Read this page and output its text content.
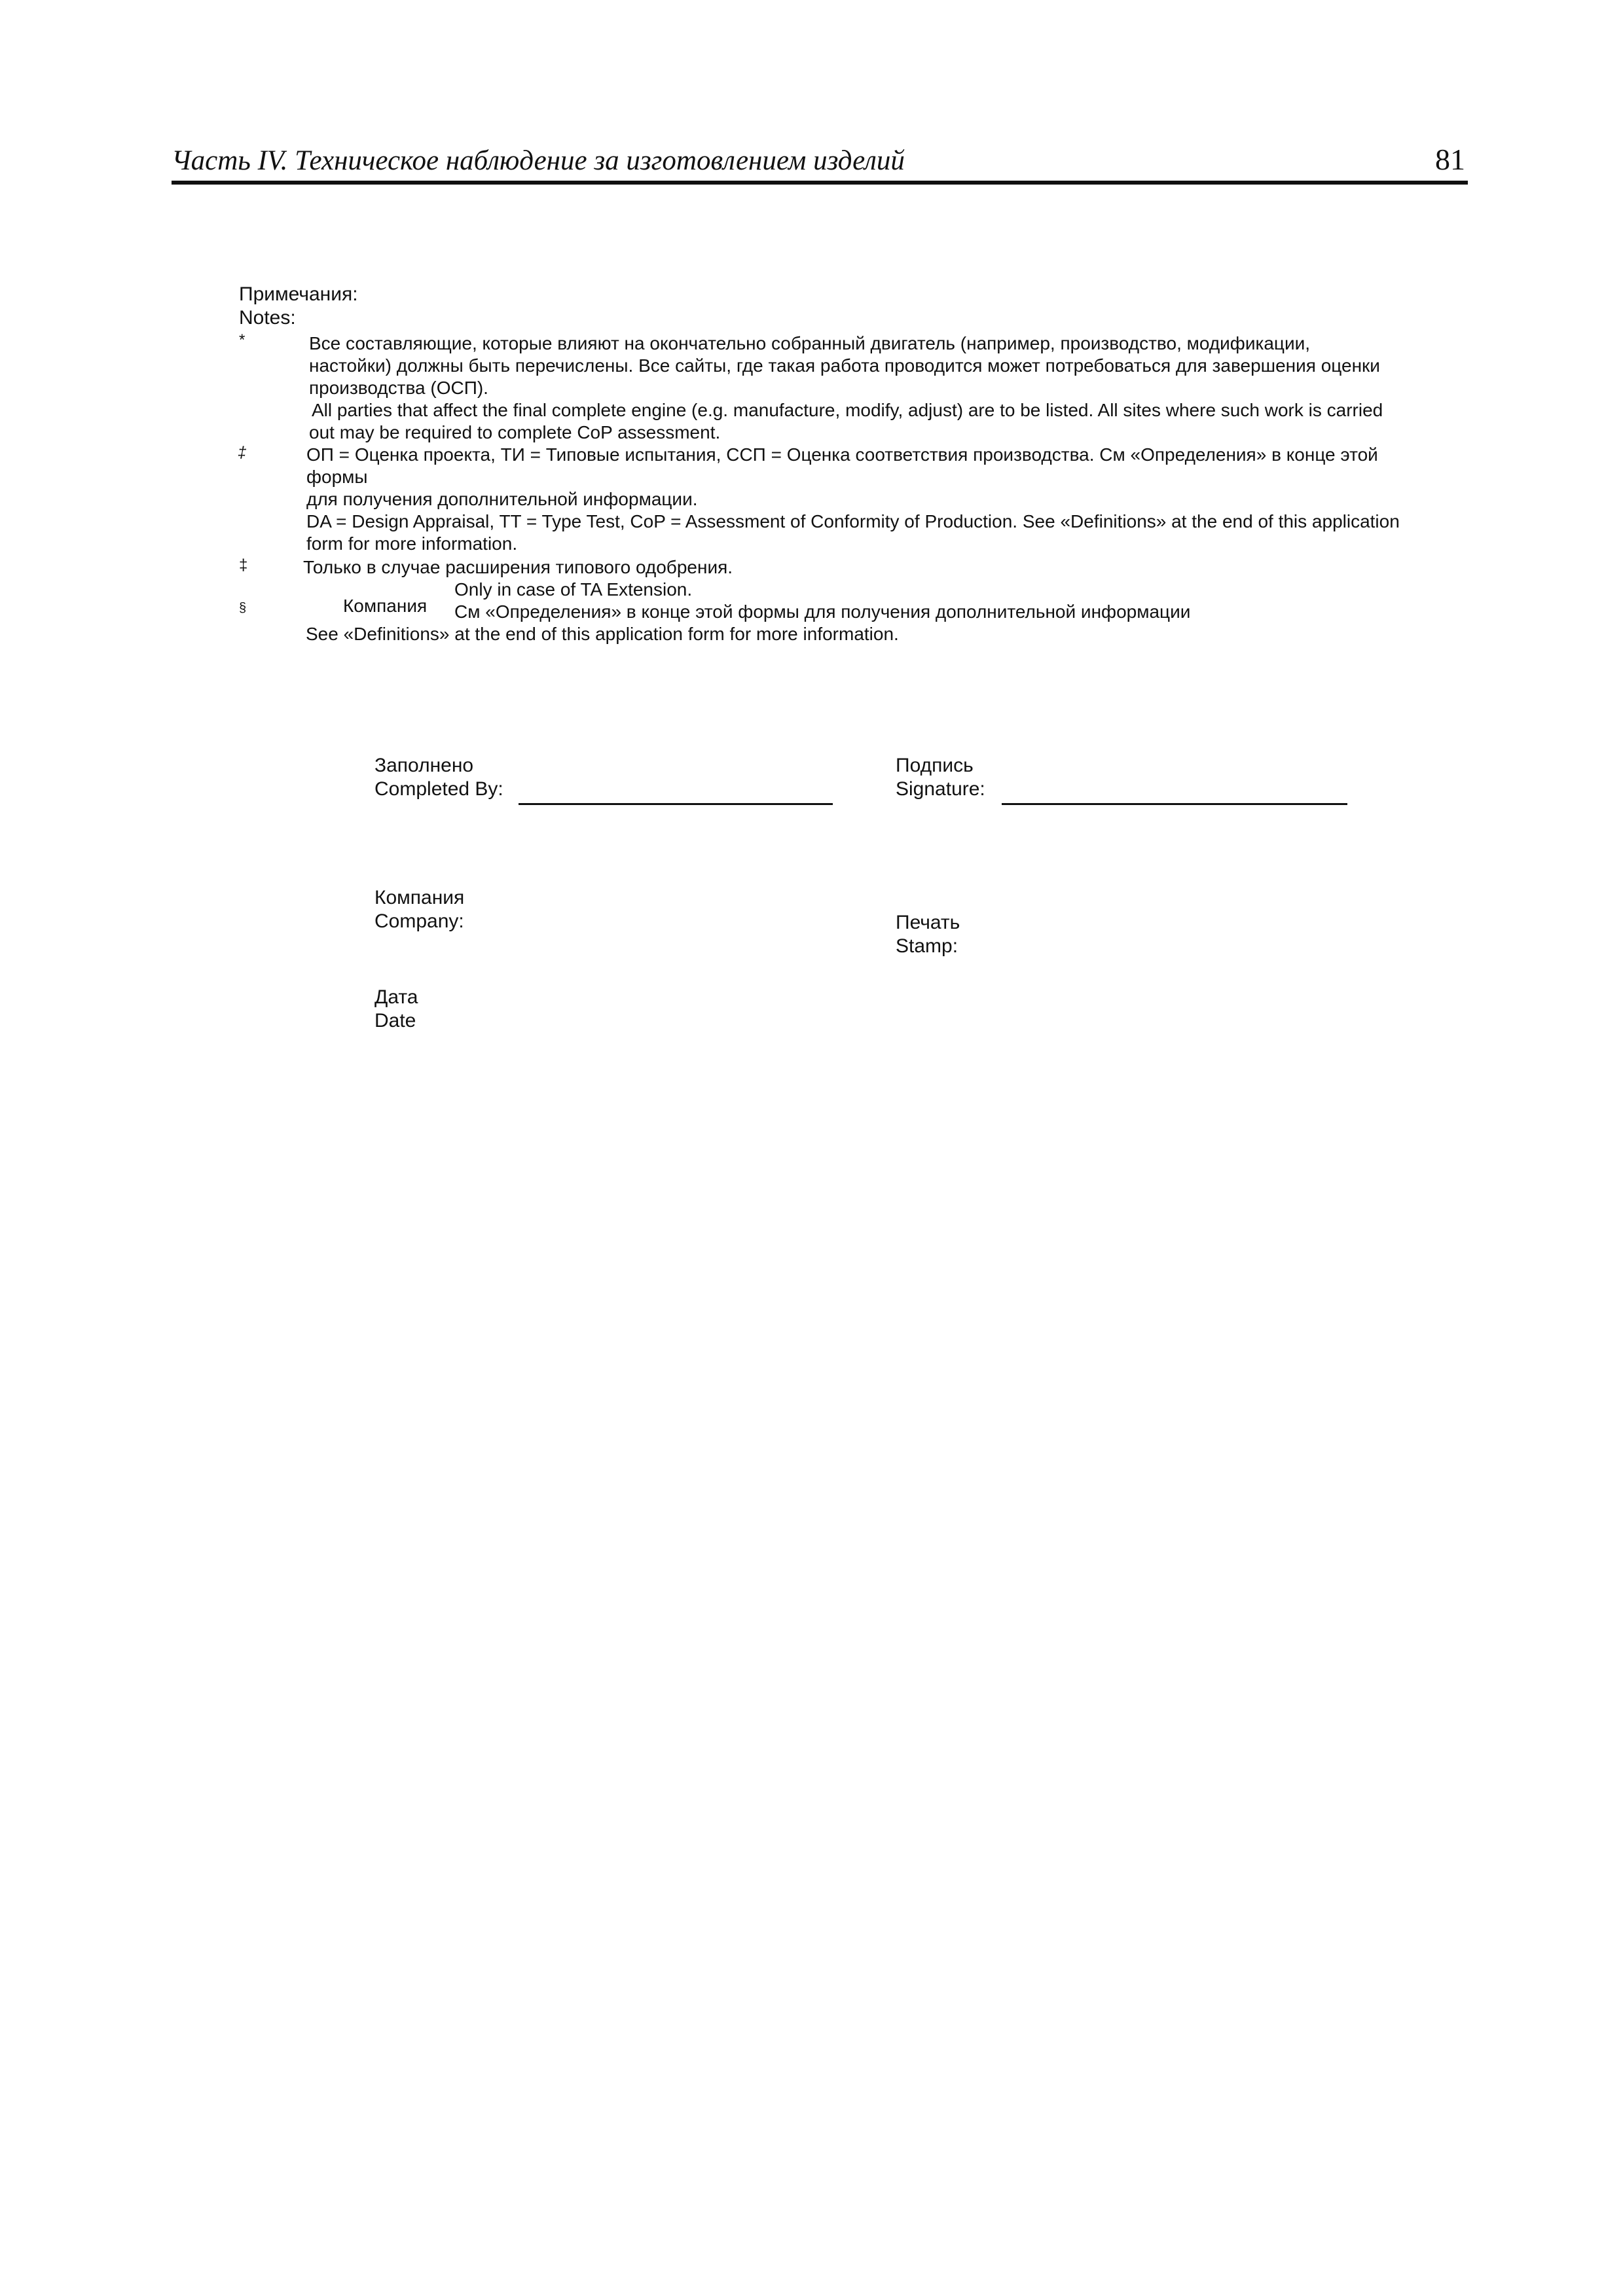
Часть IV. Техническое наблюдение за изготовлением изделий	81
Примечания:
Notes:
*	Все составляющие, которые влияют на окончательно собранный двигатель (например, производство, модификации,
настойки) должны быть перечислены. Все сайты, где такая работа проводится может потребоваться для завершения оценки
производства (ОСП).
All parties that affect the final complete engine (e.g. manufacture, modify, adjust) are to be listed. All sites where such work is carried
out may be required to complete CoP assessment.
‡	ОП = Оценка проекта, ТИ = Типовые испытания, ССП = Оценка соответствия производства. См «Определения» в конце этой
формы
для получения дополнительной информации.
DA = Design Appraisal, TT = Type Test, CoP = Assessment of Conformity of Production. See «Definitions» at the end of this application
form for more information.
‡	Только в случае расширения типового одобрения.
Only in case of TA Extension.
§	Компания См «Определения» в конце этой формы для получения дополнительной информации
See «Definitions» at the end of this application form for more information.
Заполнено
Completed By:
Подпись
Signature:
Компания
Company:	Печать
Stamp:
Дата
Date
